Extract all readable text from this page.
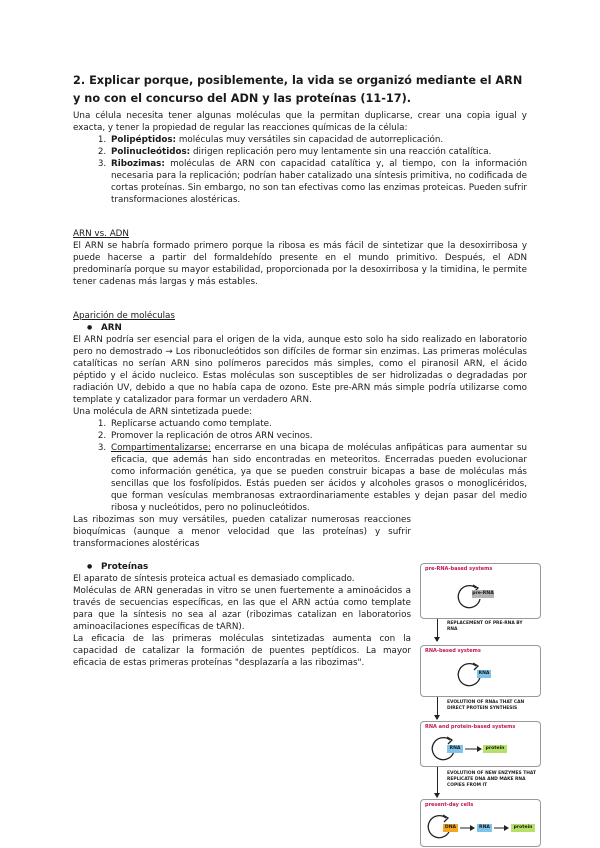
2. Explicar porque, posiblemente, la vida se organizó mediante el ARN y no con el concurso del ADN y las proteínas (11-17).

Una célula necesita tener algunas moléculas que la permitan duplicarse, crear una copia igual y exacta, y tener la propiedad de regular las reacciones químicas de la célula:

1. Polipéptidos: moléculas muy versátiles sin capacidad de autorreplicación.
2. Polinucleótidos: dirigen replicación pero muy lentamente sin una reacción catalítica.
3. Ribozimas: moléculas de ARN con capacidad catalítica y, al tiempo, con la información necesaria para la replicación; podrían haber catalizado una síntesis primitiva, no codificada de cortas proteínas. Sin embargo, no son tan efectivas como las enzimas proteicas. Pueden sufrir transformaciones alostéricas.
ARN vs. ADN

El ARN se habría formado primero porque la ribosa es más fácil de sintetizar que la desoxirribosa y puede hacerse a partir del formaldehído presente en el mundo primitivo. Después, el ADN predominaría porque su mayor estabilidad, proporcionada por la desoxirribosa y la timidina, le permite tener cadenas más largas y más estables.

Aparición de moléculas
● ARN

El ARN podría ser esencial para el origen de la vida, aunque esto solo ha sido realizado en laboratorio pero no demostrado → Los ribonucleótidos son difíciles de formar sin enzimas. Las primeras moléculas catalíticas no serían ARN sino polímeros parecidos más simples, como el piranosil ARN, el ácido péptido y el ácido nucleico. Estas moléculas son susceptibles de ser hidrolizadas o degradadas por radiación UV, debido a que no había capa de ozono. Este pre-ARN más simple podría utilizarse como template y catalizador para formar un verdadero ARN.

Una molécula de ARN sintetizada puede:

1. Replicarse actuando como template.
2. Promover la replicación de otros ARN vecinos.
3. Compartimentalizarse: encerrarse en una bicapa de moléculas anfipáticas para aumentar su eficacia, que además han sido encontradas en meteoritos. Encerradas pueden evolucionar como información genética, ya que se pueden construir bicapas a base de moléculas más sencillas que los fosfolípidos. Estás pueden ser ácidos y alcoholes grasos o monoglicéridos, que forman vesículas membranosas extraordinariamente estables y dejan pasar del medio ribosa y nucleótidos, pero no polinucleótidos.

Las ribozimas son muy versátiles, pueden catalizar numerosas reacciones bioquímicas (aunque a menor velocidad que las proteínas) y sufrir transformaciones alostéricas

● Proteínas

El aparato de síntesis proteica actual es demasiado complicado.

Moléculas de ARN generadas in vitro se unen fuertemente a aminoácidos a través de secuencias específicas, en las que el ARN actúa como template para que la síntesis no sea al azar (ribozimas catalizan en laboratorios aminoacilaciones específicas de tARN).

La eficacia de las primeras moléculas sintetizadas aumenta con la capacidad de catalizar la formación de puentes peptídicos. La mayor eficacia de estas primeras proteínas "desplazaría a las ribozimas".

pre-RNA-based systems
pre-RNA
REPLACEMENT OF PRE-RNA BY RNA
RNA-based systems
RNA
EVOLUTION OF RNAs THAT CAN DIRECT PROTEIN SYNTHESIS
RNA and protein-based systems
RNA	protein
EVOLUTION OF NEW ENZYMES THAT REPLICATE DNA AND MAKE RNA COPIES FROM IT
present-day cells
DNA	RNA	protein
